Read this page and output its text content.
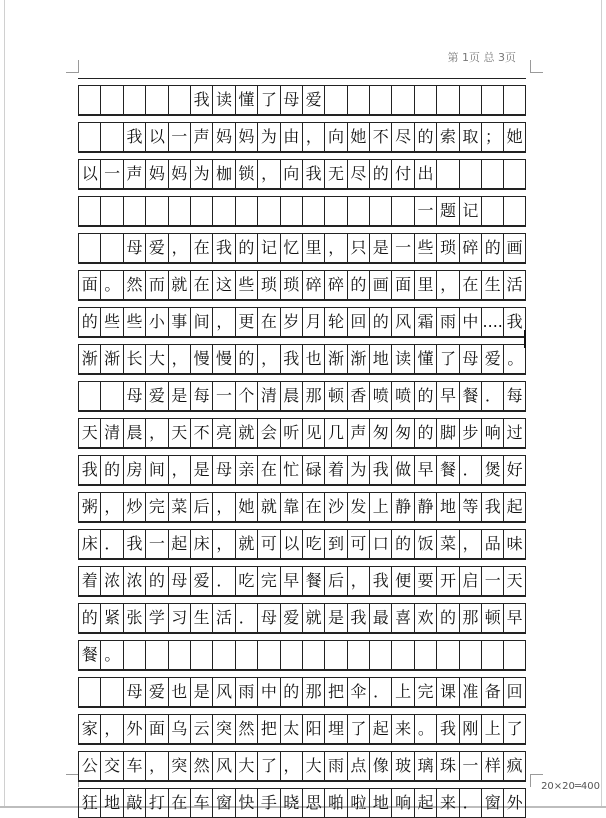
第 1页 总 3页
我 读 懂 了 母 爱
我 以 一 声 妈 妈 为 由 ， 向 她 不 尽 的 索 取 ； 她
以 一 声 妈 妈 为 枷 锁 ， 向 我 无 尽 的 付 出
一 题 记
母 爱 ， 在 我 的 记 忆 里 ， 只 是 一 些 琐 碎 的 画
面 。 然 而 就 在 这 些 琐 琐 碎 碎 的 画 面 里 ， 在 生 活
的 些 些 小 事 间 ， 更 在 岁 月 轮 回 的 风 霜 雨 中 .... 我
渐 渐 长 大 ， 慢 慢 的 ， 我 也 渐 渐 地 读 懂 了 母 爱 。
母 爱 是 每 一 个 清 晨 那 顿 香 喷 喷 的 早 餐 ． 每
天 清 晨 ， 天 不 亮 就 会 听 见 几 声 匆 匆 的 脚 步 响 过
我 的 房 间 ， 是 母 亲 在 忙 碌 着 为 我 做 早 餐 ． 煲 好
粥 ， 炒 完 菜 后 ， 她 就 靠 在 沙 发 上 静 静 地 等 我 起
床 ． 我 一 起 床 ， 就 可 以 吃 到 可 口 的 饭 菜 ， 品 味
着 浓 浓 的 母 爱 ． 吃 完 早 餐 后 ， 我 便 要 开 启 一 天
的 紧 张 学 习 生 活 ． 母 爱 就 是 我 最 喜 欢 的 那 顿 早
餐 。
母 爱 也 是 风 雨 中 的 那 把 伞 ． 上 完 课 准 备 回
家 ， 外 面 乌 云 突 然 把 太 阳 埋 了 起 来 。 我 刚 上 了
公 交 车 ， 突 然 风 大 了 ， 大 雨 点 像 玻 璃 珠 一 样 疯
狂 地 敲 打 在 车 窗 快 手 晓 思 啪 啦 地 响 起 来 ． 窗 外
20×20═400
